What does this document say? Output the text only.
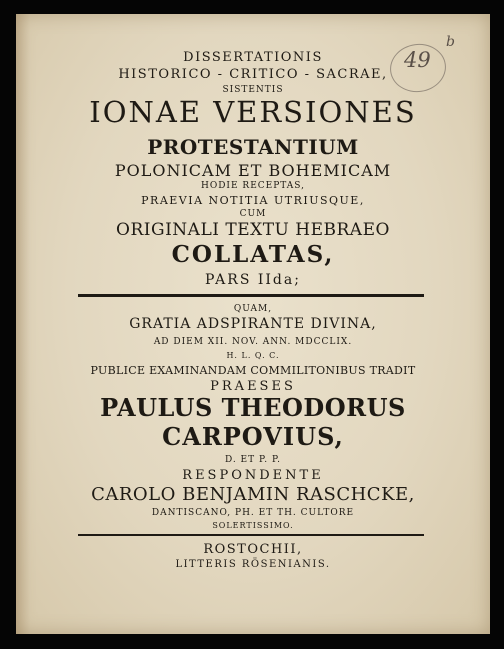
49
b
DISSERTATIONIS
HISTORICO - CRITICO - SACRAE,
SISTENTIS
IONAE VERSIONES
PROTESTANTIUM
POLONICAM ET BOHEMICAM
HODIE RECEPTAS,
PRAEVIA NOTITIA UTRIUSQUE,
CUM
ORIGINALI TEXTU HEBRAEO
COLLATAS,
PARS IIda;
QUAM,
GRATIA ADSPIRANTE DIVINA,
AD DIEM XII. NOV. ANN. MDCCLIX.
H. L. Q. C.
PUBLICE EXAMINANDAM COMMILITONIBUS TRADIT
PRAESES
PAULUS THEODORUS
CARPOVIUS,
D. ET P. P.
RESPONDENTE
CAROLO BENJAMIN RASCHCKE,
DANTISCANO, PH. ET TH. CULTORE
SOLERTISSIMO.
ROSTOCHII,
LITTERIS RÖSENIANIS.
